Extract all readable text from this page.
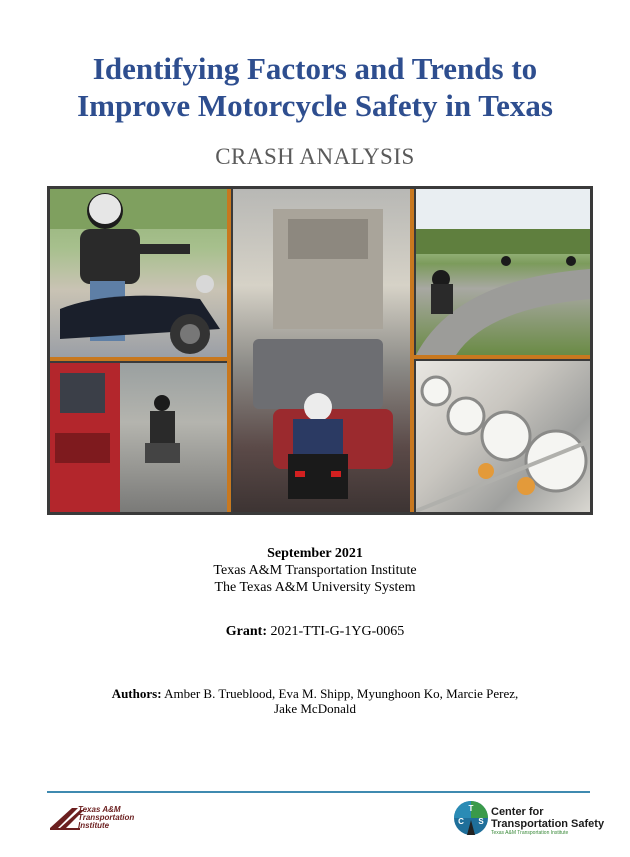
Identifying Factors and Trends to
Improve Motorcycle Safety in Texas
CRASH ANALYSIS
September 2021
Texas A&M Transportation Institute
The Texas A&M University System
Grant: 2021-TTI-G-1YG-0065
Authors: Amber B. Trueblood, Eva M. Shipp, Myunghoon Ko, Marcie Perez,
Jake McDonald
Texas A&M
Transportation
Institute
T
C S
Center for
Transportation Safety
Texas A&M Transportation Institute
